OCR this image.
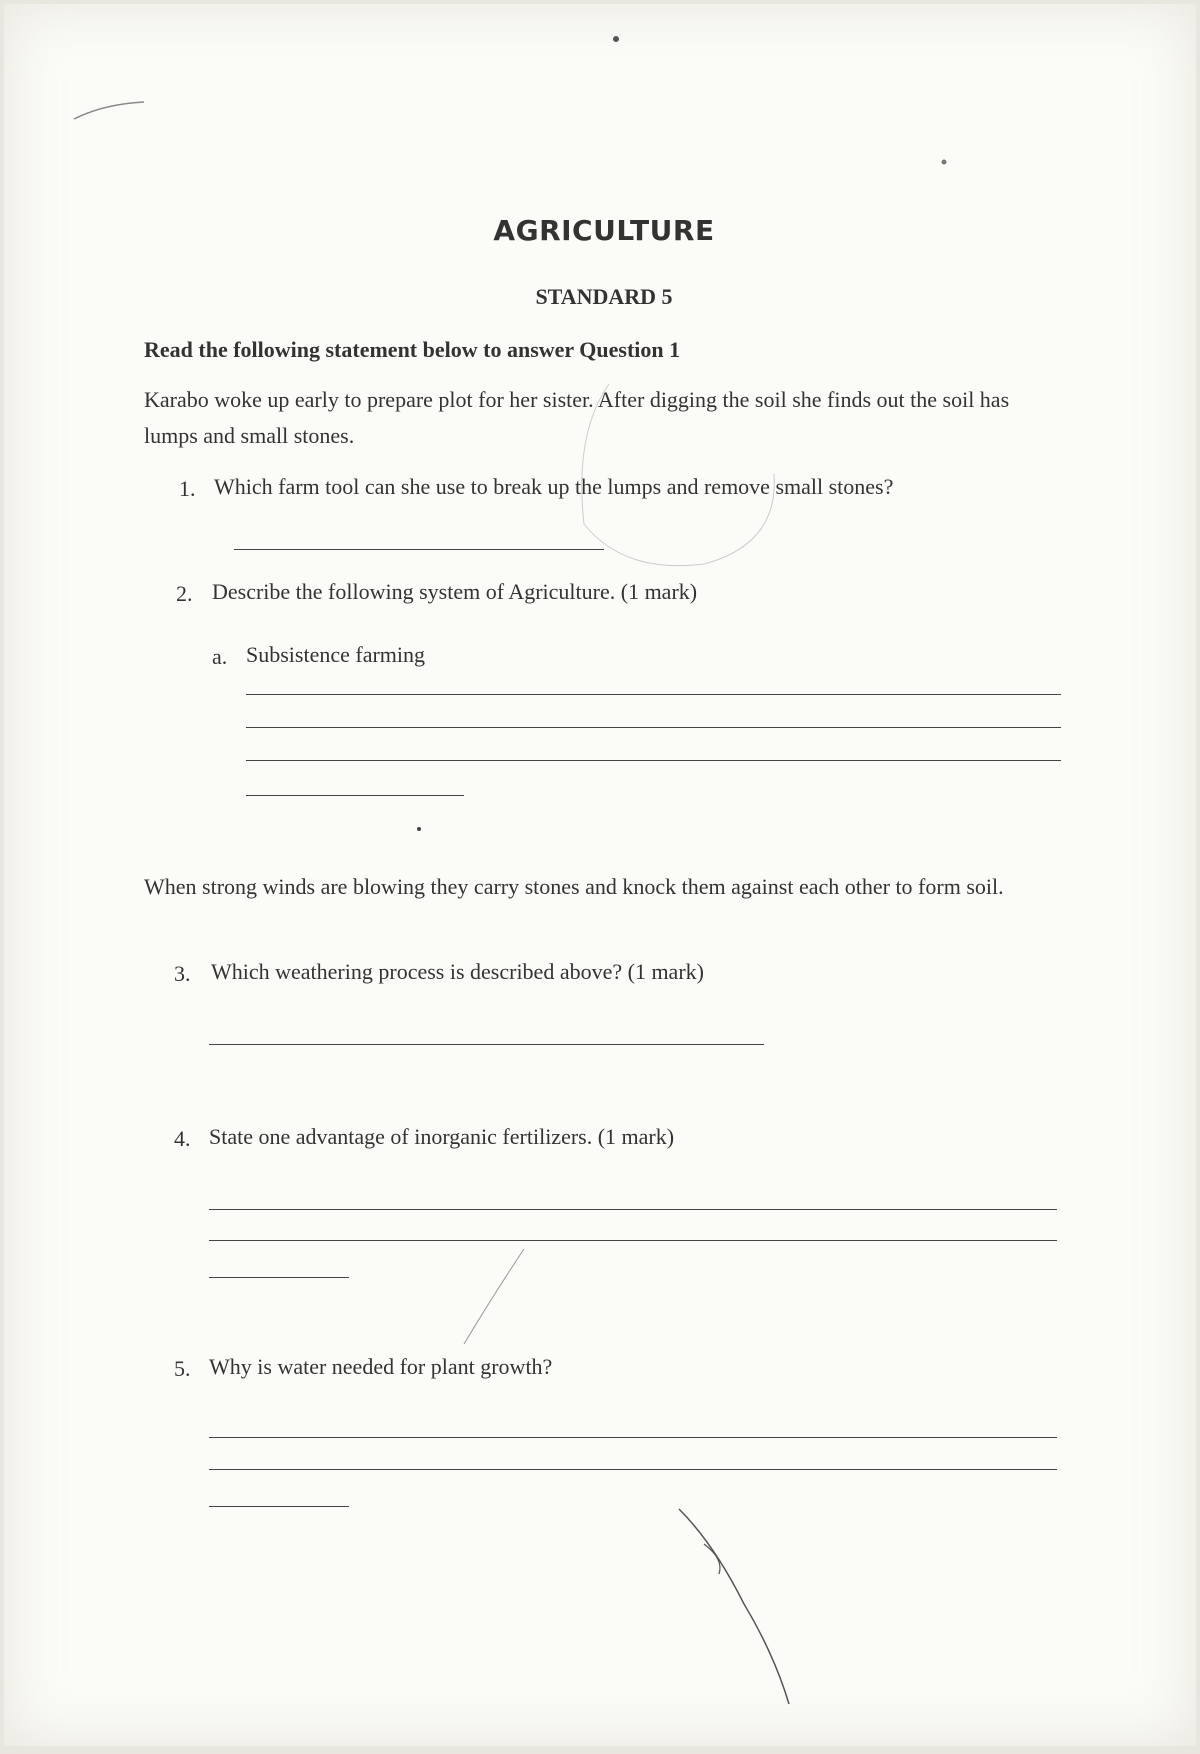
AGRICULTURE
STANDARD 5
Read the following statement below to answer Question 1
Karabo woke up early to prepare plot for her sister. After digging the soil she finds out the soil has lumps and small stones.
1. Which farm tool can she use to break up the lumps and remove small stones?
2. Describe the following system of Agriculture. (1 mark)
a. Subsistence farming
When strong winds are blowing they carry stones and knock them against each other to form soil.
3. Which weathering process is described above? (1 mark)
4. State one advantage of inorganic fertilizers. (1 mark)
5. Why is water needed for plant growth?
